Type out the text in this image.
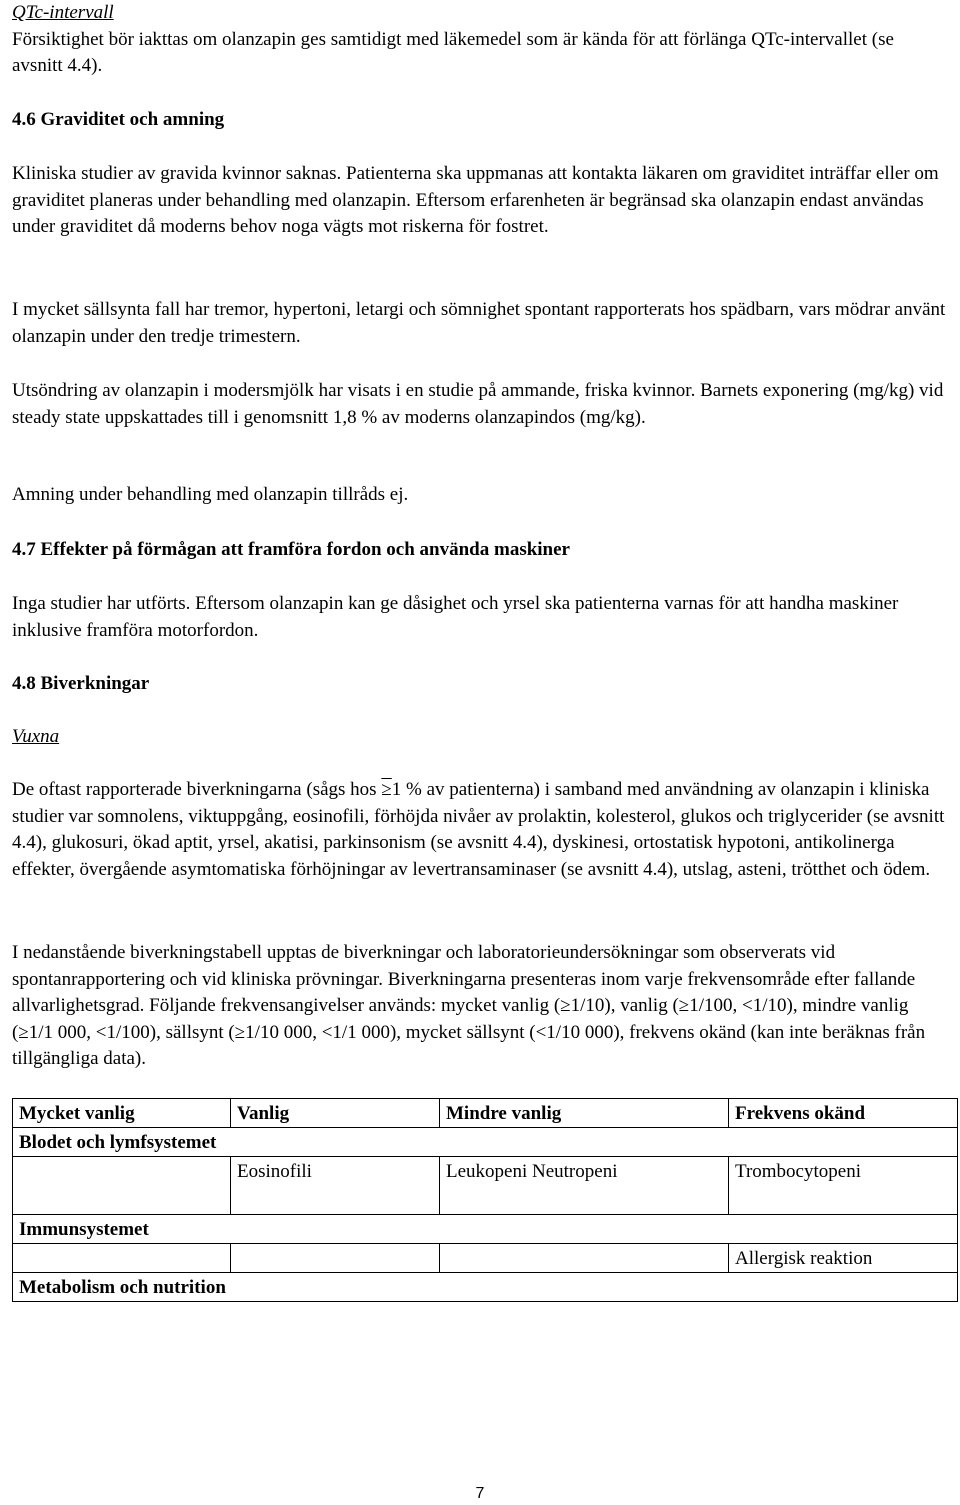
QTc-intervall
Försiktighet bör iakttas om olanzapin ges samtidigt med läkemedel som är kända för att förlänga QTc-intervallet (se avsnitt 4.4).
4.6 Graviditet och amning

Kliniska studier av gravida kvinnor saknas. Patienterna ska uppmanas att kontakta läkaren om graviditet inträffar eller om graviditet planeras under behandling med olanzapin. Eftersom erfarenheten är begränsad ska olanzapin endast användas under graviditet då moderns behov noga vägts mot riskerna för fostret.

I mycket sällsynta fall har tremor, hypertoni, letargi och sömnighet spontant rapporterats hos spädbarn, vars mödrar använt olanzapin under den tredje trimestern.

Utsöndring av olanzapin i modersmjölk har visats i en studie på ammande, friska kvinnor. Barnets exponering (mg/kg) vid steady state uppskattades till i genomsnitt 1,8 % av moderns olanzapindos (mg/kg).

Amning under behandling med olanzapin tillråds ej.

4.7 Effekter på förmågan att framföra fordon och använda maskiner

Inga studier har utförts. Eftersom olanzapin kan ge dåsighet och yrsel ska patienterna varnas för att handha maskiner inklusive framföra motorfordon.

4.8 Biverkningar
Vuxna

De oftast rapporterade biverkningarna (sågs hos ≥1 % av patienterna) i samband med användning av olanzapin i kliniska studier var somnolens, viktuppgång, eosinofili, förhöjda nivåer av prolaktin, kolesterol, glukos och triglycerider (se avsnitt 4.4), glukosuri, ökad aptit, yrsel, akatisi, parkinsonism (se avsnitt 4.4), dyskinesi, ortostatisk hypotoni, antikolinerga effekter, övergående asymtomatiska förhöjningar av levertransaminaser (se avsnitt 4.4), utslag, asteni, trötthet och ödem.

I nedanstående biverkningstabell upptas de biverkningar och laboratorieundersökningar som observerats vid spontanrapportering och vid kliniska prövningar. Biverkningarna presenteras inom varje frekvensområde efter fallande allvarlighetsgrad. Följande frekvensangivelser används: mycket vanlig (≥1/10), vanlig (≥1/100, <1/10), mindre vanlig (≥1/1 000, <1/100), sällsynt (≥1/10 000, <1/1 000), mycket sällsynt (<1/10 000), frekvens okänd (kan inte beräknas från tillgängliga data).

Mycket vanlig	Vanlig	Mindre vanlig	Frekvens okänd
Blodet och lymfsystemet			
	Eosinofili	Leukopeni Neutropeni	Trombocytopeni
Immunsystemet			
			Allergisk reaktion
Metabolism och nutrition			
7
